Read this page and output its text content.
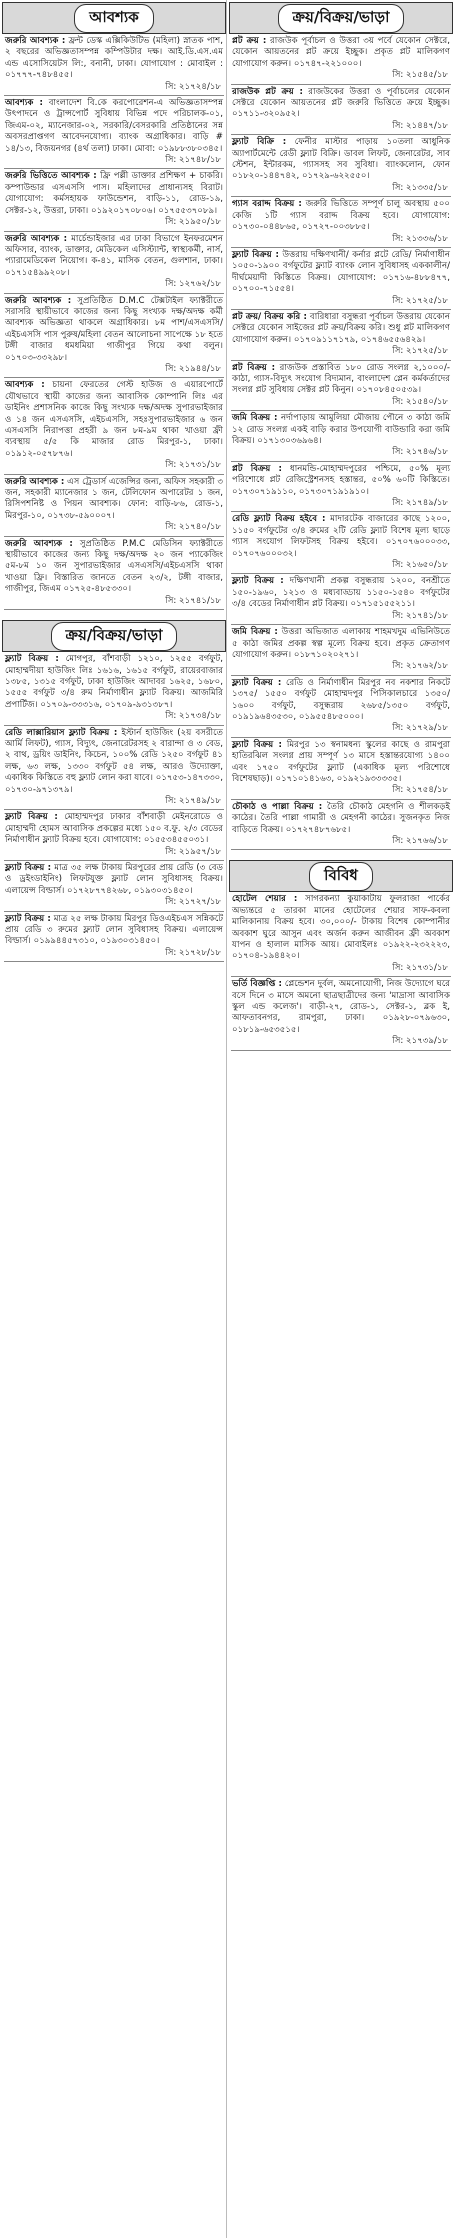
আবশ্যক
জরুরি আবশ্যক : ফ্রন্ট ডেস্ক এক্সিকিউটিভ (মহিলা) স্নাতক পাশ, ২ বছরের অভিজ্ঞতাসম্পন্ন কম্পিউটার দক্ষ। আই.ডি.এস.এম এন্ড এসোসিয়েটস লি:, বনানী, ঢাকা। যোগাযোগ : মোবাইল : ০১৭৭৭-৭৪৮৪৫৫।
সি: ২১৭২৪/১৮
আবশ্যক : বাংলাদেশ বি.কে করপোরেশন-এ অভিজ্ঞতাসম্পন্ন উৎপাদনে ও ট্রান্সপোর্ট সুবিধায় বিভিন্ন পদে পরিচালক-০১, জিএম-০২, ম্যানেজার-০২, সরকারি/বেসরকারি প্রতিষ্ঠানের সন্ন অবসরপ্রাপ্তগণ আবেদনযোগ্য। ব্যাংক অগ্রাধিকার। বাড়ি # ১৪/১৩, বিজয়নগর (৪র্থ তলা) ঢাকা। মোবা: ০১৯৮৮৩৮০৩৪৫।
সি: ২১৭৪৮/১৮
জরুরি ভিত্তিতে আবশ্যক : ফ্রি পল্লী ডাক্তার প্রশিক্ষণ + চাকরি। কম্পাউন্ডার এসএসসি পাস। মহিলাদের প্রাধান্যসহ বিরাট। যোগাযোগ: কর্মসহায়ক ফাউন্ডেশন, বাড়ি-১১, রোড-১৯, সেক্টর-১২, উত্তরা, ঢাকা। ০১৯২০১৭০৮০৬। ০১৭৫৫৩৭০৮৯।
সি: ২১৯৫০/১৮
জরুরি আবশ্যক : মার্চেন্ডাইজার এর ঢাকা বিভাগে ইনফরমেশন অফিসার, ব্যাংক, ডাক্তার, মেডিকেল এসিস্ট্যান্ট, স্বাস্থ্যকর্মী, নার্স, প্যারামেডিকেল নিয়োগ। ক-৪১, মাসিক বেতন, গুলশান, ঢাকা। ০১৭১৫৪৯৯২০৮।
সি: ১২৭৬২/১৮
জরুরি আবশ্যক : সুপ্রতিষ্ঠিত D.M.C টেক্সটাইল ফ্যাক্টরীতে সরাসরি স্থায়ীভাবে কাজের জন্য কিছু সংখ্যক দক্ষ/অদক্ষ কর্মী আবশ্যক অভিজ্ঞতা থাকলে অগ্রাধিকার। ৮ম পাশ/এসএসসি/এইচএসসি পাস পুরুষ/মহিলা বেতন আলোচনা সাপেক্ষে ১৮ হতে টঙ্গী বাজার ধমধমিয়া গাজীপুর গিয়ে কথা বলুন। ০১৭০৩-৩৩২৯৮।
সি: ২১৯৪৪/১৮
আবশ্যক : চায়না ফেরতের গেস্ট হাউজ ও এয়ারপোর্টে যৌথভাবে স্থায়ী কাজের জন্য আবাসিক কোম্পানি লিঃ এর ডাইনিং প্রশাসনিক কাজে কিছু সংখ্যক দক্ষ/অদক্ষ সুপারভাইজার ও ১৪ জন এসএসসি, এইচএসসি, সহঃসুপারভাইজার ৬ জন এসএসসি নিরাপত্তা প্রহরী ৯ জন ৮ম-৯ম থাকা খাওয়া ফ্রী ব্যবস্থায় ৫/৫ কি মাজার রোড মিরপুর-১, ঢাকা। ০১৯১২-০৫৭৮৭৬।
সি: ২১৭৩১/১৮
জরুরি আবশ্যক : এস ট্রেডার্স এজেন্সির জন্য, অফিস সহকারী ৩ জন, সহকারী ম্যানেজার ১ জন, টেলিফোন অপারেটর ১ জন, রিসিপশনিষ্ট ও পিয়ন আবশ্যক। ফোন: বাড়ি-৮৬, রোড-১, মিরপুর-১০, ০১৭৩৮-৫৯০০০৭।
সি: ২১৭৪০/১৮
জরুরি আবশ্যক : সুপ্রতিষ্ঠিত P.M.C মেডিসিন ফ্যাক্টরীতে স্থায়ীভাবে কাজের জন্য কিছু দক্ষ/অদক্ষ ২০ জন প্যাকেজিং ৫ম-৮ম ১০ জন সুপারভাইজার এসএসসি/এইচএসসি থাকা খাওয়া ফ্রি। বিস্তারিত জানতে বেতন ২৩/২, টঙ্গী বাজার, গাজীপুর, জিএম ০১৭২৫-৪৮৫৩৩০।
সি: ২১৭৪১/১৮
ক্রয়/বিক্রয়/ভাড়া
ফ্ল্যাট বিক্রয় : মোগপুর, বাঁশবাড়ী ১২১০, ১২৫৫ বর্গফুট, মোহাম্মদীয়া হাউজিং লিঃ ১৬১৬, ১৬১৫ বর্গফুট, রায়েরবাজার ১৩৮৫, ১৩১৫ বর্গফুট, ঢাকা হাউজিং আদাবর ১৬২৫, ১৬৮০, ১৫৫৫ বর্গফুট ৩/৪ রুম নির্মাণাধীন ফ্ল্যাট বিক্রয়। আজমিরি প্রপার্টিজ। ০১৭০৯-৩৩৩১৬, ০১৭০৯-৯৩১৩৮৭।
সি: ২১৭৩৪/১৮
রেডি লাক্সারিয়াস ফ্ল্যাট বিক্রয় : ইস্টার্ন হাউজিং (২য় বসরীতে আর্মি লিফট), গ্যাস, বিদ্যুৎ, জেনারেটরসহ ২ বারান্দা ও ৩ বেড, ২ বাথ, ড্রয়িং ডাইনিং, কিচেন, ১০০% রেডি ১২৫০ বর্গফুট ৪১ লক্ষ, ৬৩ লক্ষ, ১৩৩০ বর্গফুট ৫৪ লক্ষ, আরও উদ্যোক্তা, একাধিক কিস্তিতে বহু ফ্ল্যাট লোন করা যাবে। ০১৭৫৩-১৪৭৩৩০, ০১৭৩০-৯৭১৩৭৯।
সি: ২১৭৪৯/১৮
ফ্ল্যাট বিক্রয় : মোহাম্মদপুর ঢাকার বাঁশবাড়ী মেইনরোডে ও মোহাম্মদী হোমস আবাসিক প্রকল্পের মধ্যে ১৫০ ব.ফু. ২/৩ বেডের নির্মাণাধীন ফ্ল্যাট বিক্রয় হবে। যোগাযোগ: ০১৫৫৩৪৫৫০৩১।
সি: ২১৯৫৭/১৮
ফ্ল্যাট বিক্রয় : মাত্র ৩৫ লক্ষ টাকায় মিরপুরের প্রায় রেডি (৩ বেড ও ড্রইংডাইনিং) লিফটযুক্ত ফ্ল্যাট লোন সুবিধাসহ বিক্রয়। এলায়েন্স বিল্ডার্স। ০১৭২৮৭৭৪২৬৮, ০১৯৩০৩১৪৫০।
সি: ২১৭২৭/১৮
ফ্ল্যাট বিক্রয় : মাত্র ২৫ লক্ষ টাকায় মিরপুর ডিওএইচএস সন্নিকটে প্রায় রেডি ৩ রুমের ফ্ল্যাট লোন সুবিধাসহ বিক্রয়। এলায়েন্স বিল্ডার্স। ০১৯৯৪৪৫৭৩১০, ০১৯৩০৩১৪৫০।
সি: ২১৭২৮/১৮
ক্রয়/বিক্রয়/ভাড়া
প্লট ক্রয় : রাজউক পূর্বাচল ও উত্তরা ৩য় পর্বে যেকোন সেক্টরে, যেকোন আয়তনের প্লট ক্রয়ে ইচ্ছুক। প্রকৃত প্লট মালিকগণ যোগাযোগ করুন। ০১৭৪৭-২২১০০০।
সি: ২১৫৪৫/১৮
রাজউক প্লট ক্রয় : রাজউকের উত্তরা ও পূর্বাচলের যেকোন সেক্টরে যেকোন আয়তনের প্লট জরুরি ভিত্তিতে ক্রয়ে ইচ্ছুক। ০১৭১১-৩২০৯৫২।
সি: ২১৪৪৭/১৮
ফ্ল্যাট বিক্রি : ফেনীর মাস্টার পাড়ায় ১০তলা আধুনিক অ্যাপার্টমেন্টে রেডী ফ্ল্যাট বিক্রি। ডাবল লিফট, জেনারেটর, সাব স্টেশন, ইন্টারকম, গ্যাসসহ সব সুবিধা। ব্যাংকলোন, ফোন ০১৮২০-১৪৪৭৪২, ০১৭২৯-৬২২৫৫০।
সি: ২১৩৩৫/১৮
গ্যাস বরাদ্দ বিক্রয় : জরুরি ভিত্তিতে সম্পূর্ণ চালু অবস্থায় ৫০০ কেজি ১টি গ্যাস বরাদ্দ বিক্রয় হবে। যোগাযোগ: ০১৭৩০-০৪৪৮৬৫, ০১৭২৭-০০৩৮৮৫।
সি: ২১৩৩৬/১৮
ফ্ল্যাট বিক্রয় : উত্তরায় দক্ষিণখানী/ কর্নার প্লটে রেডি/ নির্মাণাধীন ১০৫০-১৯০০ বর্গফুটের ফ্ল্যাট ব্যাংক লোন সুবিধাসহ এককালীন/ দীর্ঘমেয়াদী কিস্তিতে বিক্রয়। যোগাযোগ: ০১৭১৬-৪৮৮৪৭৭, ০১৭০০-৭১৫৫৪।
সি: ২১৭২৫/১৮
প্লট ক্রয়/ বিক্রয় করি : বারিধারা বসুন্ধরা পূর্বাচল উত্তরায় যেকোন সেক্টরে যেকোন সাইজের প্লট ক্রয়/বিক্রয় করি। শুধু প্লট মালিকগণ যোগাযোগ করুন। ০১৭০৯১১৭১৭৯, ০১৭৪৬৫৫৬৪২৯।
সি: ২১৭২৫/১৮
প্লট বিক্রয় : রাজউক প্রস্তাবিত ১৮০ রোড সংলগ্ন ২,১০০০/- কাঠা, গ্যাস-বিদ্যুৎ সংযোগ বিদ্যমান, বাংলাদেশ প্লেন কর্মকর্তাদের সংলগ্ন প্লট সুবিধায় সেক্টর প্লট কিনুন। ০১৭০৮৪৫০৫৩৯।
সি: ২১৫৪০/১৮
জমি বিক্রয় : নর্দাপাড়ায় আমুলিয়া মৌজায় পৌনে ৩ কাঠা জমি ১২ রোড সংলগ্ন একই বাড়ি করার উপযোগী বাউন্ডারি করা জমি বিক্রয়। ০১৭১৩০৩৬৯৬৪।
সি: ২১৭৪৬/১৮
প্লট বিক্রয় : ধানমন্ডি-মোহাম্মদপুরের পশ্চিমে, ৫০% মূল্য পরিশোধে প্লট রেজিস্ট্রেশনসহ হস্তান্তর, ৫০% ৬০টি কিস্তিতে। ০১৭৩০৭১৯১১০, ০১৭৩০৭১৯১৯১০।
সি: ২১৭৪৯/১৮
রেডি ফ্ল্যাট বিক্রয় হইবে : মাদারটেক বাজারের কাছে ১২০০, ১১৫০ বর্গফুটের ৩/৪ রুমের ২টি রেডি ফ্ল্যাট বিশেষ মূল্য ছাড়ে গ্যাস সংযোগ লিফটসহ বিক্রয় হইবে। ০১৭০৭৬০০০৩৩, ০১৭০৭৬০০০৩২।
সি: ২১৬৫০/১৮
ফ্ল্যাট বিক্রয় : দক্ষিণখানী প্রকল্প বসুন্ধরায় ১২০০, বনশ্রীতে ১৫০-১৯৬০, ১২১৩ ও মধ্যবাড্ডায় ১১৫০-১৫৪০ বর্গফুটের ৩/৪ বেডের নির্মাণাধীন প্লট বিক্রয়। ০১৭১৫১৫৫২১১।
সি: ২১৭৪১/১৮
জমি বিক্রয় : উত্তরা অভিজাত এলাকায় শাহমখদুম এভিনিউতে ৫ কাঠা জমির প্রকল্প স্বল্প মূল্যে বিক্রয় হবে। প্রকৃত ক্রেতাগণ যোগাযোগ করুন। ০১৮৭১০২০২৭১।
সি: ২১৭৬২/১৮
ফ্ল্যাট বিক্রয় : রেডি ও নির্মাণাধীন মিরপুর নব নকশার নিকটে ১৩৭৫/ ১৫৫০ বর্গফুট মোহাম্মদপুর পিসিকালচারে ১৩৫০/ ১৬০০ বর্গফুট, বসুন্ধরায় ২৬৮৫/১৩৫০ বর্গফুট, ০১৯১৯৬৪৩৫৩০, ০১৯৫৫৪৮৫০০০।
সি: ২১৭২৯/১৮
ফ্ল্যাট বিক্রয় : মিরপুর ১৩ স্বনামধন্য স্কুলের কাছে ও রামপুরা হাতিরঝিল সংলগ্ন প্রায় সম্পূর্ণ ১৩ মাসে হস্তান্তরযোগ্য ১৪০০ এবং ১৭৫০ বর্গফুটের ফ্ল্যাট (একাধিক মূল্য পরিশোধে বিশেষছাড়)। ০১৭১০১৪১৬৩, ০১৯২১৯৩৩৩৩৫।
সি: ২১৭৫৪/১৮
চৌকাঠ ও পাল্লা বিক্রয় : তৈরি চৌকাঠ মেহগনি ও শীলকড়ই কাঠের। তৈরি পাল্লা গামারী ও মেহগনী কাঠের। সুজনকৃত নিজ বাড়িতে বিক্রয়। ০১৭২৭৪৮৭৬৮৫।
সি: ২১৭৬৬/১৮
বিবিধ
হোটেল শেয়ার : সাগরকন্যা কুয়াকাটায় ফুলরাজা পার্কের অভ্যন্তরে ৫ তারকা মানের হোটেলের শেয়ার সাফ-কবলা মালিকানায় বিক্রয় হবে। ৩০,০০০/- টাকায় বিশেষ কোম্পানীর অবকাশ ঘুরে আসুন এবং অর্জন করুন আজীবন ফ্রী অবকাশ যাপন ও হালাল মাসিক আয়। মোবাইলঃ ০১৯২২-২৩২২২৩, ০১৭০৪-১৯৪৪২০।
সি: ২১৭৩১/১৮
ভর্তি বিজ্ঞপ্তি : প্লেন্ডেশন দুর্বল, অমনোযোগী, নিজ উদ্যোগে ঘরে বসে দিনে ৩ মাসে অমনো ছাত্রছাত্রীদের জন্য 'মাদ্রাসা আবাসিক স্কুল এন্ড কলেজ'। বাড়ী-২৭, রোড-১, সেক্টর-১, ব্লক ই, আফতাবনগর, রামপুরা, ঢাকা। ০১৯২৮-০৭৯৬৩০, ০১৮১৯-৬৫৩৫১৫।
সি: ২১৭৩৯/১৮
